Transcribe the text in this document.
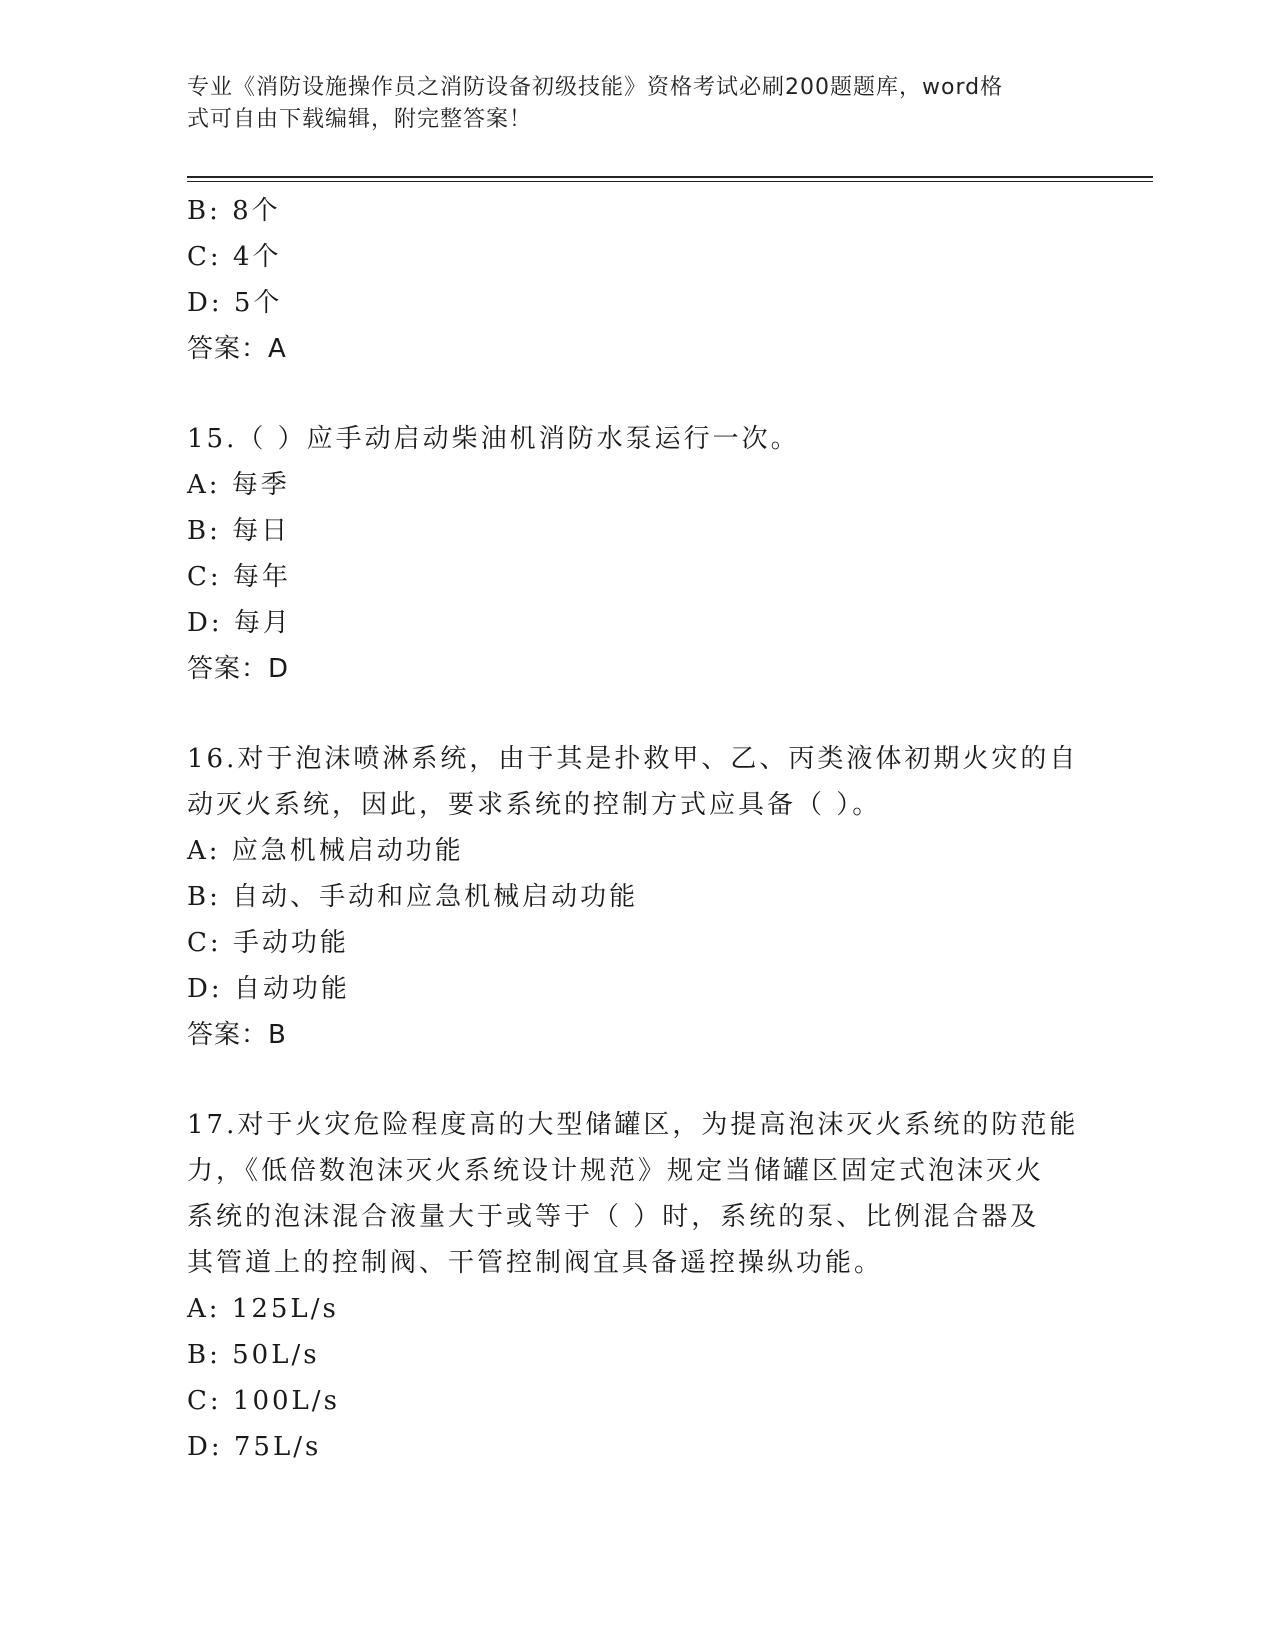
专业《消防设施操作员之消防设备初级技能》资格考试必刷200题题库，word格
式可自由下载编辑，附完整答案！
B: 8个
C: 4个
D: 5个
答案：A
15.（ ）应手动启动柴油机消防水泵运行一次。
A: 每季
B: 每日
C: 每年
D: 每月
答案：D
16.对于泡沫喷淋系统，由于其是扑救甲、乙、丙类液体初期火灾的自
动灭火系统，因此，要求系统的控制方式应具备（ ）。
A: 应急机械启动功能
B: 自动、手动和应急机械启动功能
C: 手动功能
D: 自动功能
答案：B
17.对于火灾危险程度高的大型储罐区，为提高泡沫灭火系统的防范能
力，《低倍数泡沫灭火系统设计规范》规定当储罐区固定式泡沫灭火
系统的泡沫混合液量大于或等于（ ）时，系统的泵、比例混合器及
其管道上的控制阀、干管控制阀宜具备遥控操纵功能。
A: 125L/s
B: 50L/s
C: 100L/s
D: 75L/s
